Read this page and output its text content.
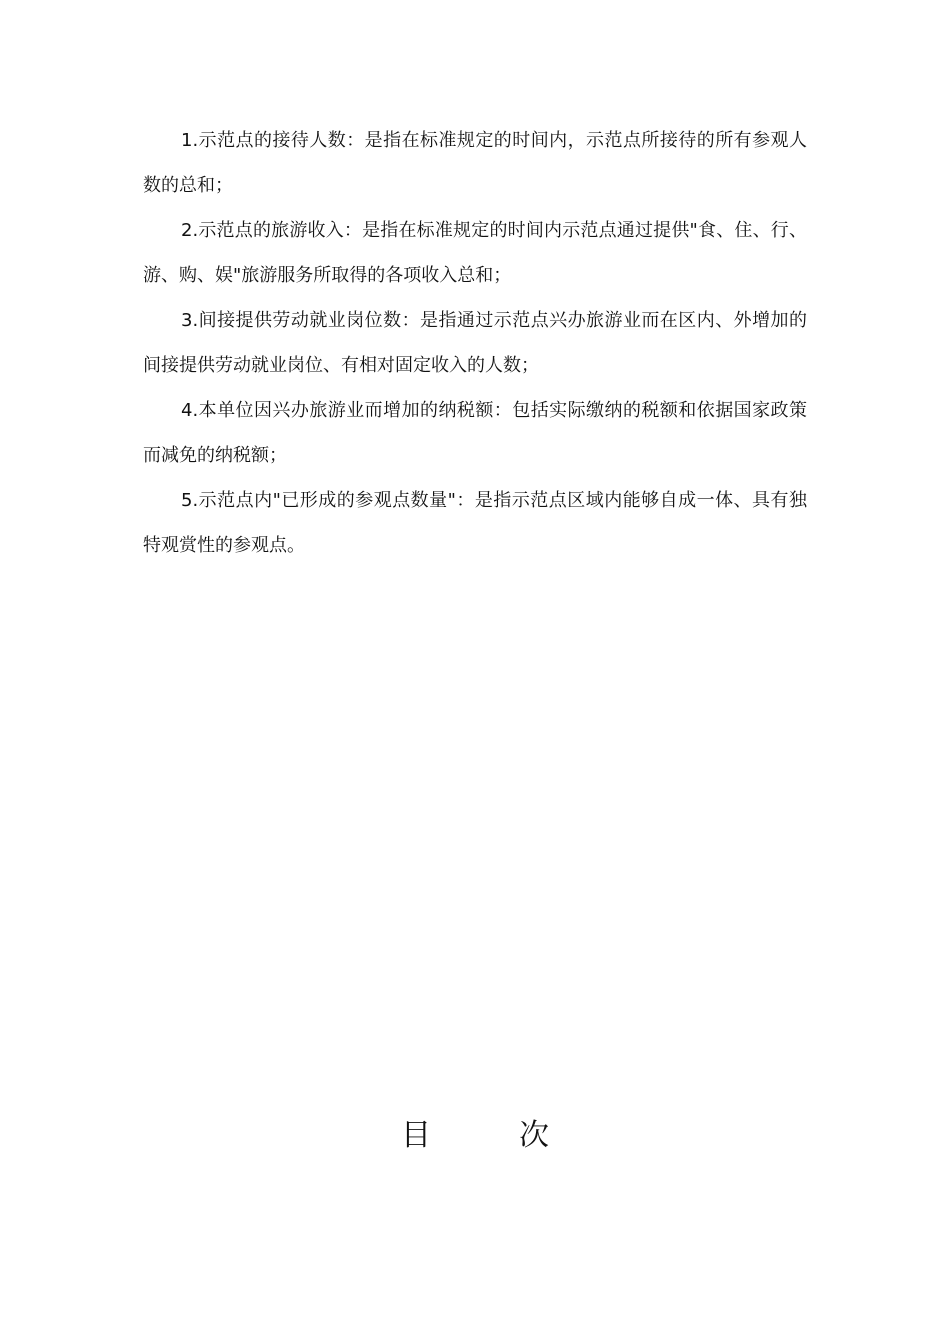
1.示范点的接待人数：是指在标准规定的时间内，示范点所接待的所有参观人数的总和；

2.示范点的旅游收入：是指在标准规定的时间内示范点通过提供"食、住、行、游、购、娱"旅游服务所取得的各项收入总和；

3.间接提供劳动就业岗位数：是指通过示范点兴办旅游业而在区内、外增加的间接提供劳动就业岗位、有相对固定收入的人数；

4.本单位因兴办旅游业而增加的纳税额：包括实际缴纳的税额和依据国家政策而减免的纳税额；

5.示范点内"已形成的参观点数量"：是指示范点区域内能够自成一体、具有独特观赏性的参观点。

目	次
